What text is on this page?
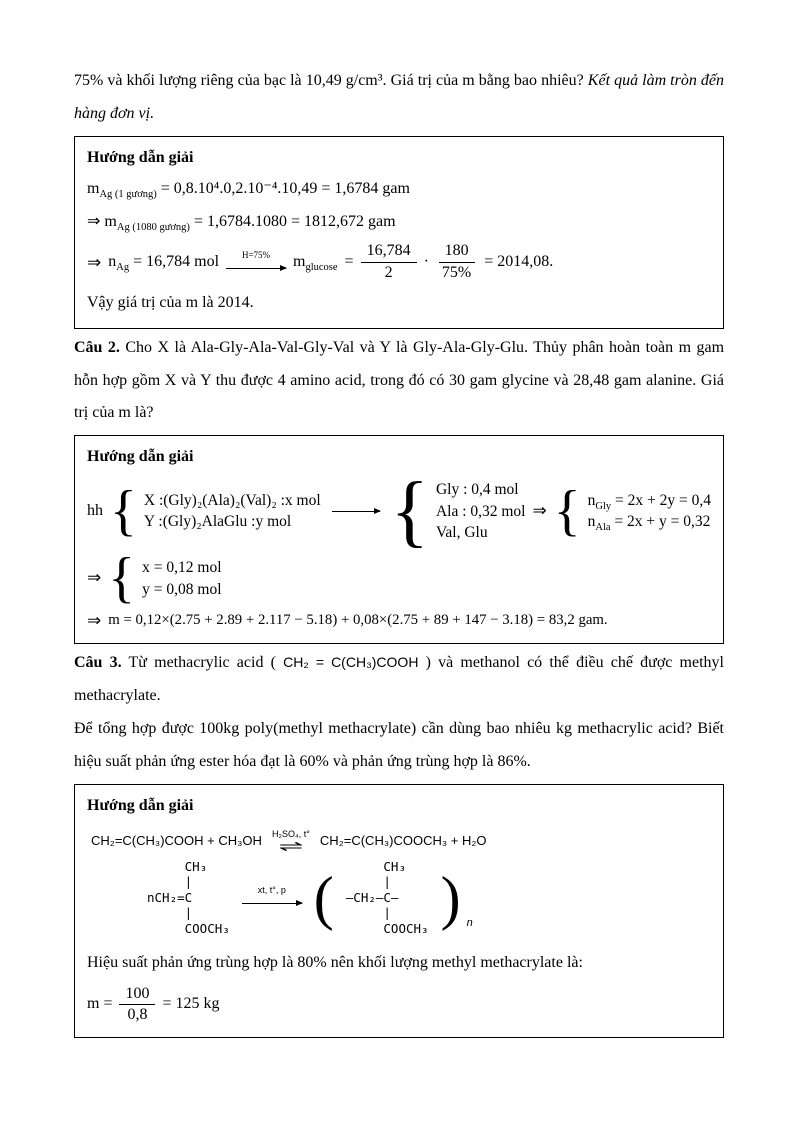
75% và khối lượng riêng của bạc là 10,49 g/cm³. Giá trị của m bằng bao nhiêu? Kết quả làm tròn đến hàng đơn vị.

Hướng dẫn giải
$m_{Ag (1 gương)} = 0,8.10^4.0,2.10^{-4}.10,49 = 1,6784$ gam
⇒ $m_{Ag (1080 gương)} = 1,6784.1080 = 1812,672$ gam
⇒ $n_{Ag} = 16,784$ mol	H=75% $m_{glucose} = \frac{16,784}{2} \cdot \frac{180}{75\%} = 2014,08$.
Vậy giá trị của m là 2014.

Câu 2. Cho X là Ala-Gly-Ala-Val-Gly-Val và Y là Gly-Ala-Gly-Glu. Thủy phân hoàn toàn m gam hỗn hợp gồm X và Y thu được 4 amino acid, trong đó có 30 gam glycine và 28,48 gam alanine. Giá trị của m là?

Hướng dẫn giải
hh { X :(Gly)₂(Ala)₂(Val)₂ :x mol
Y :(Gly)₂AlaGlu :y mol → { Gly : 0,4 mol
Ala : 0,32 mol
Val, Glu
⇒ { $n_{Gly} = 2x + 2y = 0,4$
$n_{Ala} = 2x + y = 0,32$
⇒ { x = 0,12 mol
y = 0,08 mol
⇒ m = 0,12×(2.75 + 2.89 + 2.117 − 5.18) + 0,08×(2.75 + 89 + 147 − 3.18) = 83,2 gam.

Câu 3. Từ methacrylic acid ( CH₂ = C(CH₃)COOH ) và methanol có thể điều chế được methyl methacrylate.

Để tổng hợp được 100kg poly(methyl methacrylate) cần dùng bao nhiêu kg methacrylic acid? Biết hiệu suất phản ứng ester hóa đạt là 60% và phản ứng trùng hợp là 86%.

Hướng dẫn giải
CH₂=C(CH₃)COOH + CH₃OH H₂SO₄, t°
⇌	CH₂=C(CH₃)COOCH₃ + H₂O
CH₃
|
nCH₂=C
|
COOCH₃
xt, t°, p (	CH₃
|
–CH₂–C–
|
COOCH₃ ) n

Hiệu suất phản ứng trùng hợp là 80% nên khối lượng methyl methacrylate là:

$m = \frac{100}{0,8} = 125$ kg
